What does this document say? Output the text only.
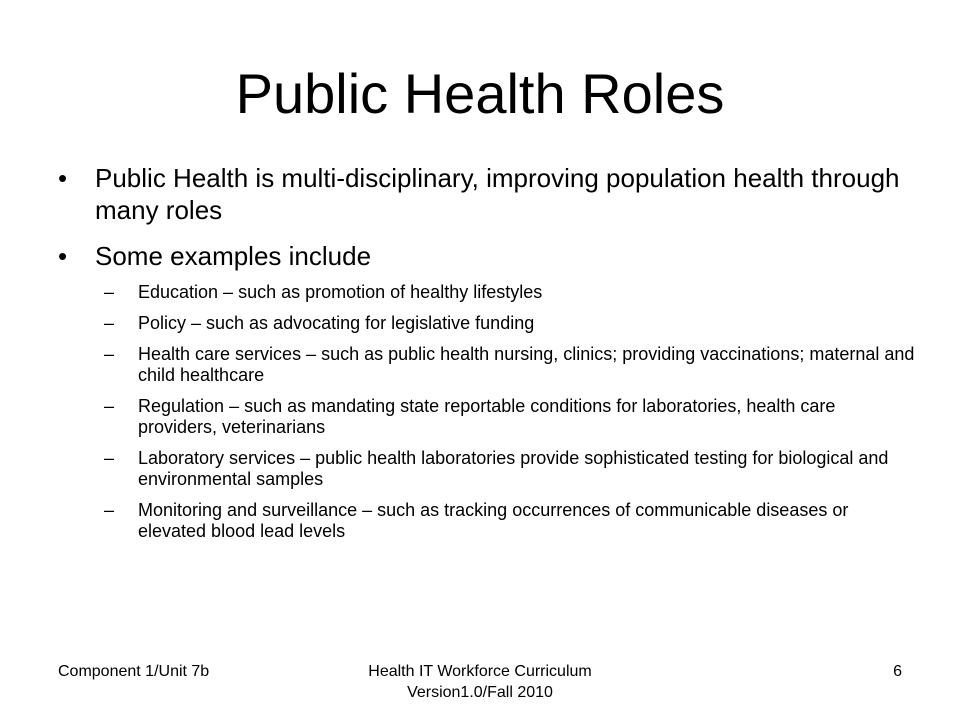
Public Health Roles
• Public Health is multi-disciplinary, improving population health through many roles
• Some examples include
– Education – such as promotion of healthy lifestyles
– Policy – such as advocating for legislative funding
– Health care services – such as public health nursing, clinics; providing vaccinations; maternal and child healthcare
– Regulation – such as mandating state reportable conditions for laboratories, health care providers, veterinarians
– Laboratory services – public health laboratories provide sophisticated testing for biological and environmental samples
– Monitoring and surveillance – such as tracking occurrences of communicable diseases or elevated blood lead levels
Component 1/Unit 7b	Health IT Workforce Curriculum
Version1.0/Fall 2010
6
